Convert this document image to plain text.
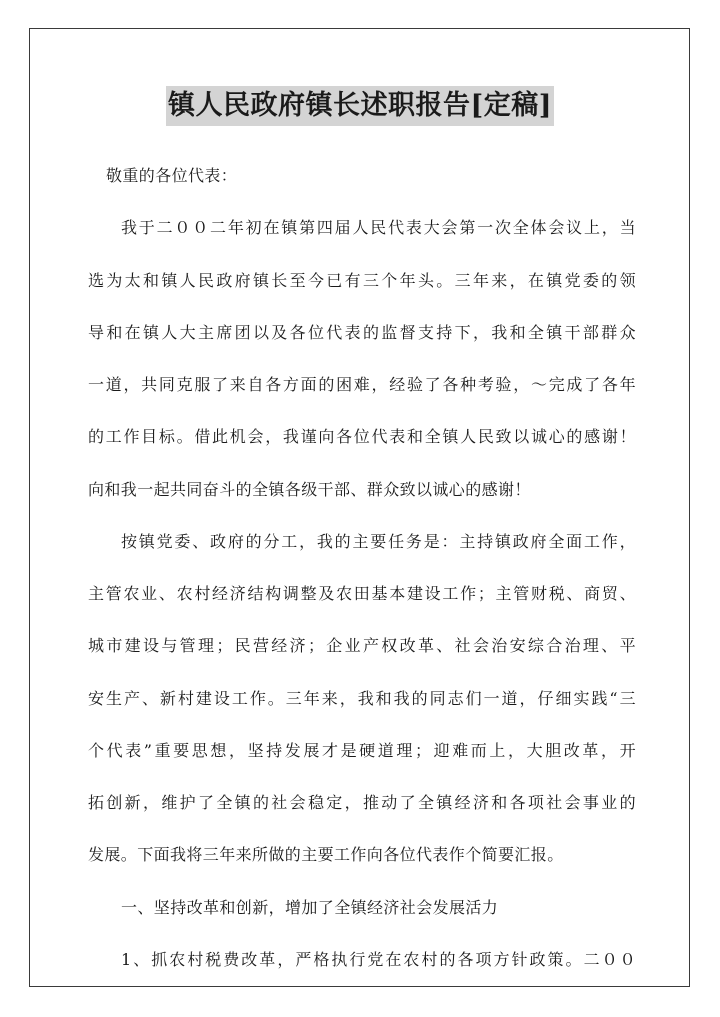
镇人民政府镇长述职报告[定稿]
敬重的各位代表：
我于二００二年初在镇第四届人民代表大会第一次全体会议上，当
选为太和镇人民政府镇长至今已有三个年头。三年来，在镇党委的领
导和在镇人大主席团以及各位代表的监督支持下，我和全镇干部群众
一道，共同克服了来自各方面的困难，经验了各种考验，～完成了各年
的工作目标。借此机会，我谨向各位代表和全镇人民致以诚心的感谢！
向和我一起共同奋斗的全镇各级干部、群众致以诚心的感谢！
按镇党委、政府的分工，我的主要任务是：主持镇政府全面工作，
主管农业、农村经济结构调整及农田基本建设工作；主管财税、商贸、
城市建设与管理；民营经济；企业产权改革、社会治安综合治理、平
安生产、新村建设工作。三年来，我和我的同志们一道，仔细实践“三
个代表”重要思想，坚持发展才是硬道理；迎难而上，大胆改革，开
拓创新，维护了全镇的社会稳定，推动了全镇经济和各项社会事业的
发展。下面我将三年来所做的主要工作向各位代表作个简要汇报。
一、坚持改革和创新，增加了全镇经济社会发展活力
1、抓农村税费改革，严格执行党在农村的各项方针政策。二００
